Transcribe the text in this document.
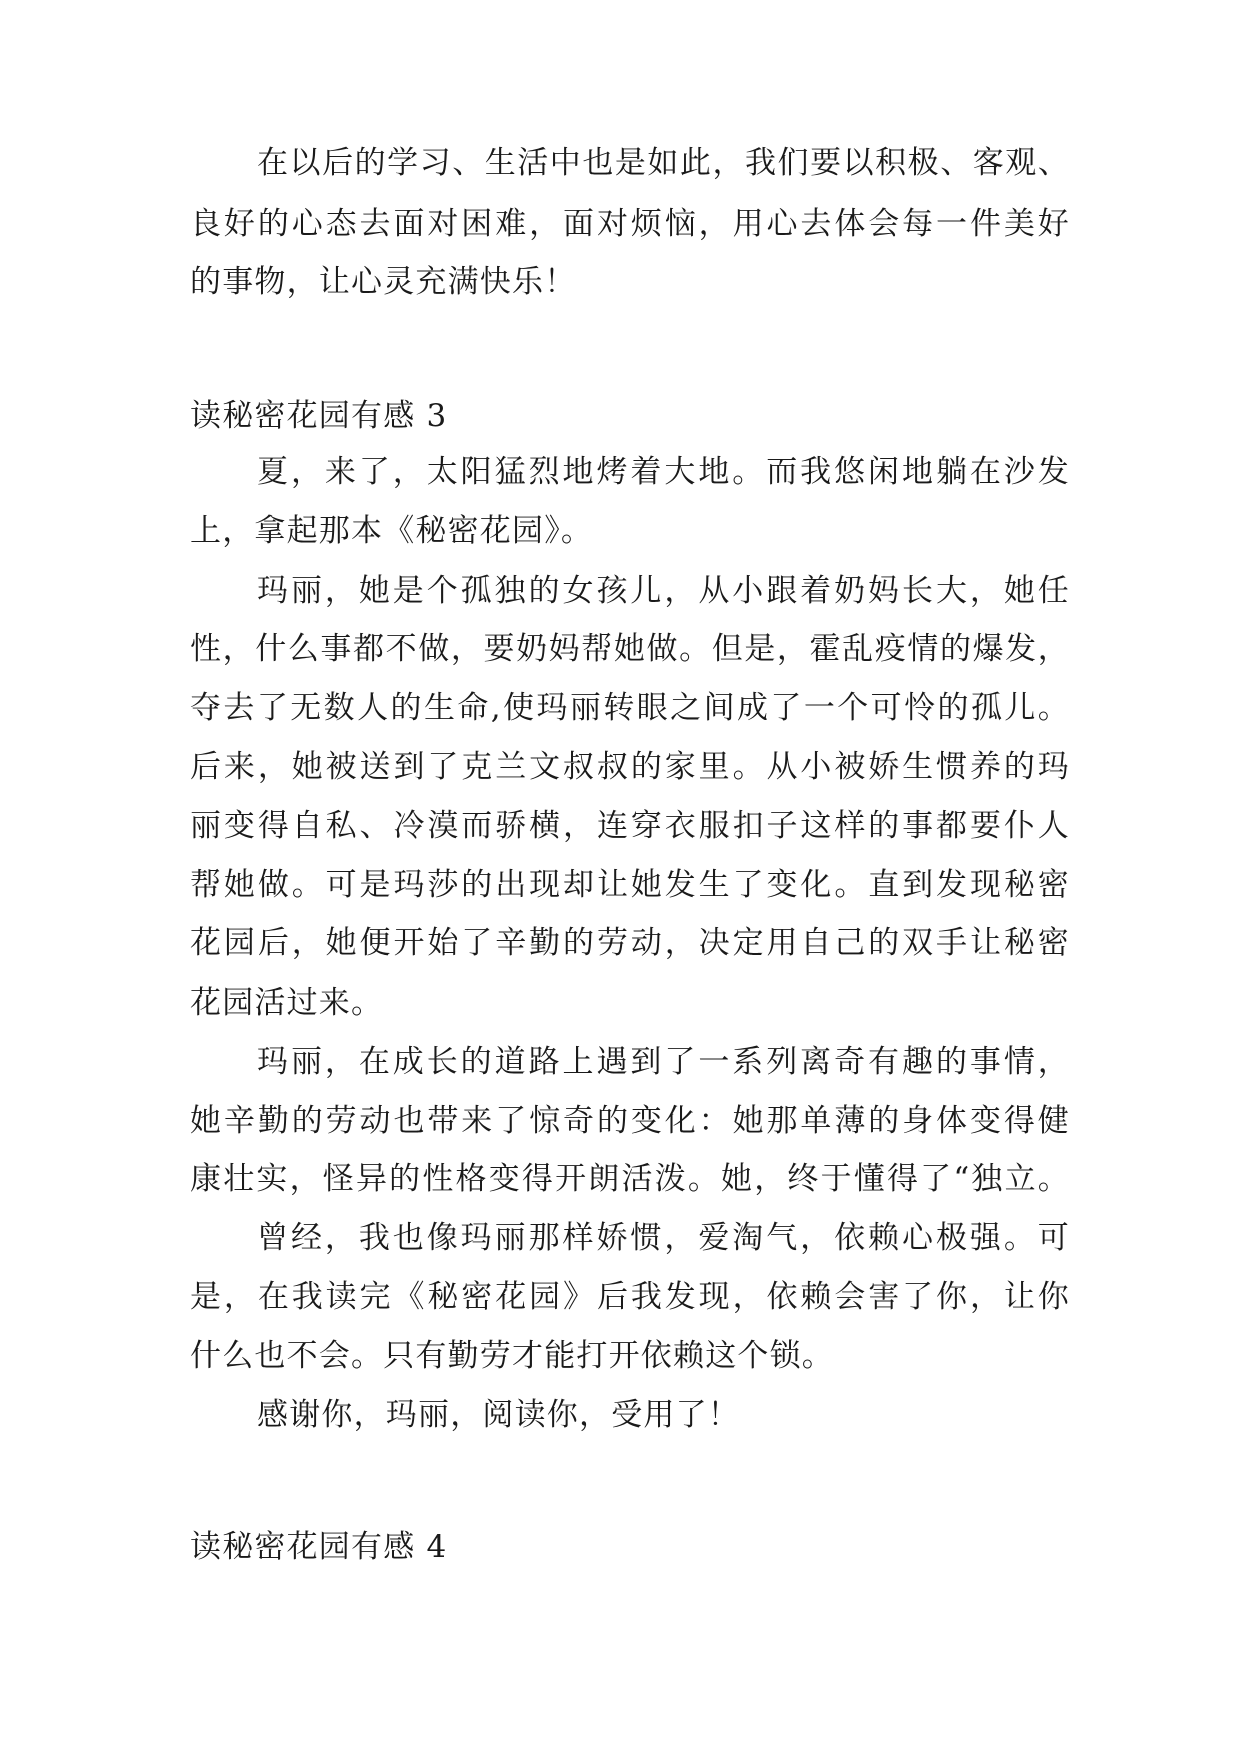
在以后的学习、生活中也是如此，我们要以积极、客观、
良好的心态去面对困难，面对烦恼，用心去体会每一件美好
的事物，让心灵充满快乐！
读秘密花园有感 3
夏，来了，太阳猛烈地烤着大地。而我悠闲地躺在沙发
上，拿起那本《秘密花园》。
玛丽，她是个孤独的女孩儿，从小跟着奶妈长大，她任
性，什么事都不做，要奶妈帮她做。但是，霍乱疫情的爆发，
夺去了无数人的生命,使玛丽转眼之间成了一个可怜的孤儿。
后来，她被送到了克兰文叔叔的家里。从小被娇生惯养的玛
丽变得自私、冷漠而骄横，连穿衣服扣子这样的事都要仆人
帮她做。可是玛莎的出现却让她发生了变化。直到发现秘密
花园后，她便开始了辛勤的劳动，决定用自己的双手让秘密
花园活过来。
玛丽，在成长的道路上遇到了一系列离奇有趣的事情，
她辛勤的劳动也带来了惊奇的变化：她那单薄的身体变得健
康壮实，怪异的性格变得开朗活泼。她，终于懂得了“独立。
曾经，我也像玛丽那样娇惯，爱淘气，依赖心极强。可
是，在我读完《秘密花园》后我发现，依赖会害了你，让你
什么也不会。只有勤劳才能打开依赖这个锁。
感谢你，玛丽，阅读你，受用了！
读秘密花园有感 4
